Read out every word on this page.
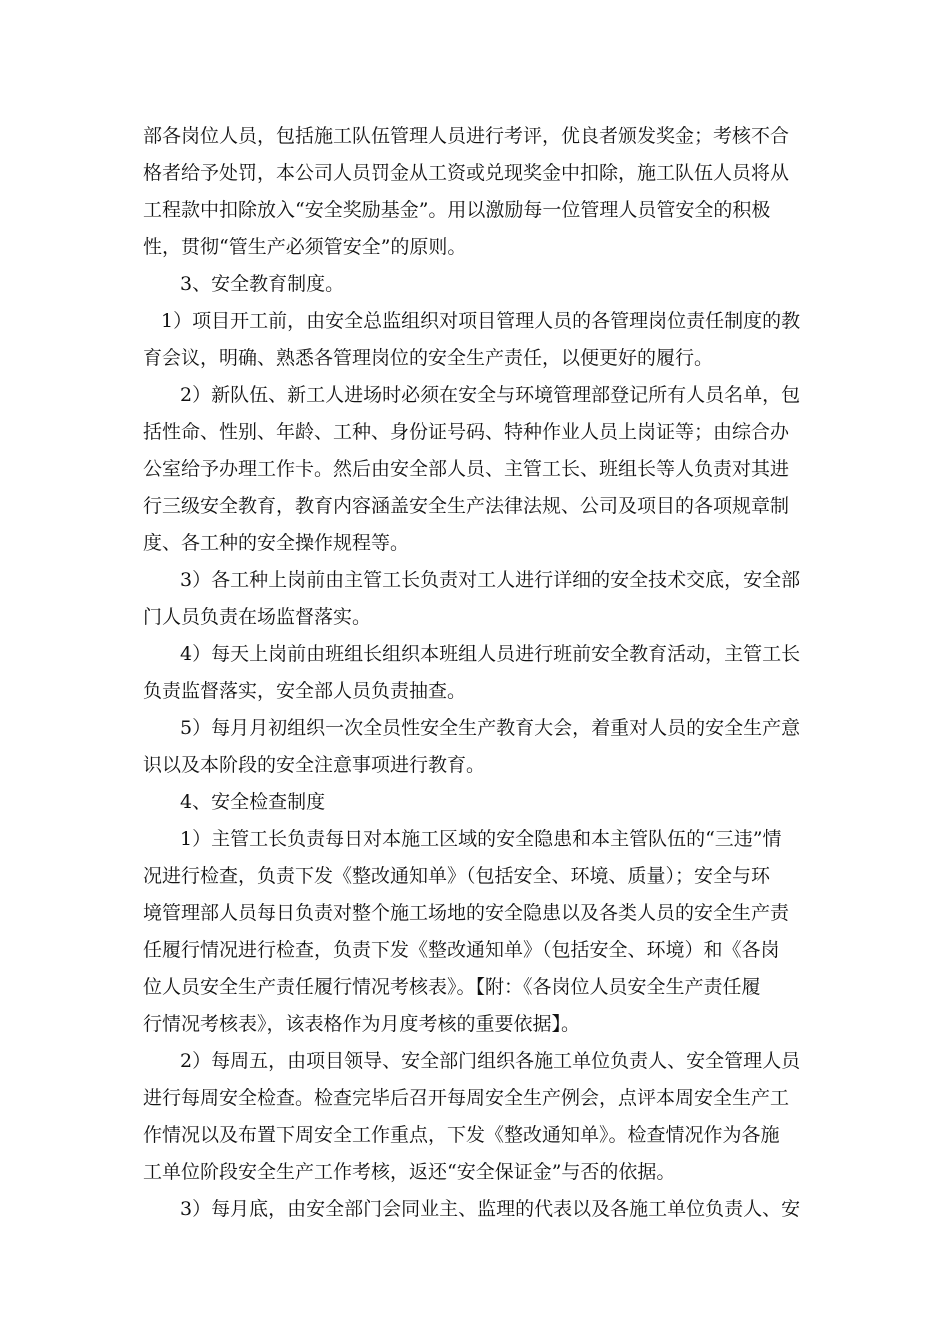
部各岗位人员，包括施工队伍管理人员进行考评，优良者颁发奖金；考核不合
格者给予处罚，本公司人员罚金从工资或兑现奖金中扣除，施工队伍人员将从
工程款中扣除放入“安全奖励基金”。用以激励每一位管理人员管安全的积极
性，贯彻“管生产必须管安全”的原则。
3、安全教育制度。
1）项目开工前，由安全总监组织对项目管理人员的各管理岗位责任制度的教
育会议，明确、熟悉各管理岗位的安全生产责任，以便更好的履行。
2）新队伍、新工人进场时必须在安全与环境管理部登记所有人员名单，包
括性命、性别、年龄、工种、身份证号码、特种作业人员上岗证等；由综合办
公室给予办理工作卡。然后由安全部人员、主管工长、班组长等人负责对其进
行三级安全教育，教育内容涵盖安全生产法律法规、公司及项目的各项规章制
度、各工种的安全操作规程等。
3）各工种上岗前由主管工长负责对工人进行详细的安全技术交底，安全部
门人员负责在场监督落实。
4）每天上岗前由班组长组织本班组人员进行班前安全教育活动，主管工长
负责监督落实，安全部人员负责抽查。
5）每月月初组织一次全员性安全生产教育大会，着重对人员的安全生产意
识以及本阶段的安全注意事项进行教育。
4、安全检查制度
1）主管工长负责每日对本施工区域的安全隐患和本主管队伍的“三违”情
况进行检查，负责下发《整改通知单》（包括安全、环境、质量）；安全与环
境管理部人员每日负责对整个施工场地的安全隐患以及各类人员的安全生产责
任履行情况进行检查，负责下发《整改通知单》（包括安全、环境）和《各岗
位人员安全生产责任履行情况考核表》。【附：《各岗位人员安全生产责任履
行情况考核表》，该表格作为月度考核的重要依据】。
2）每周五，由项目领导、安全部门组织各施工单位负责人、安全管理人员
进行每周安全检查。检查完毕后召开每周安全生产例会，点评本周安全生产工
作情况以及布置下周安全工作重点，下发《整改通知单》。检查情况作为各施
工单位阶段安全生产工作考核，返还“安全保证金”与否的依据。
3）每月底，由安全部门会同业主、监理的代表以及各施工单位负责人、安
